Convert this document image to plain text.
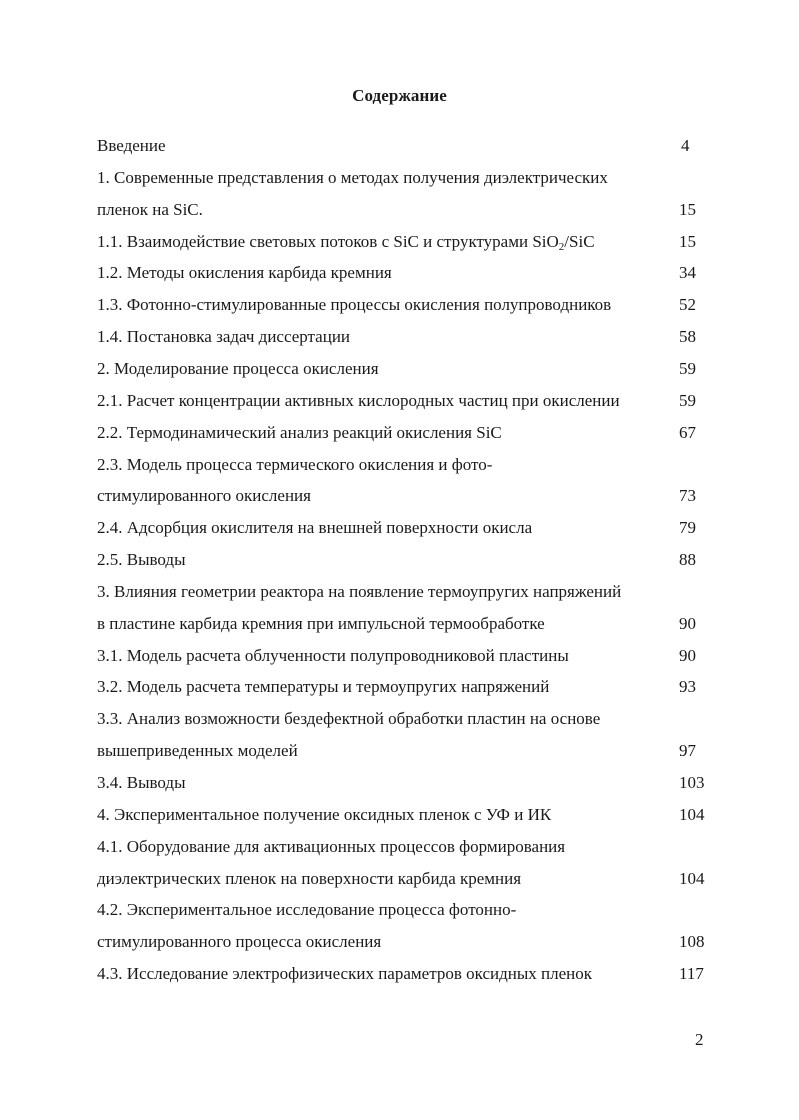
Содержание
Введение	4
1. Современные представления о методах получения диэлектрических
пленок на SiC.	15
1.1. Взаимодействие световых потоков с SiC и структурами SiO$_2$/SiC	15
1.2. Методы окисления карбида кремния	34
1.3. Фотонно-стимулированные процессы окисления полупроводников	52
1.4. Постановка задач диссертации	58
2. Моделирование процесса окисления	59
2.1. Расчет концентрации активных кислородных частиц при окислении	59
2.2. Термодинамический анализ реакций окисления SiC	67
2.3. Модель процесса термического окисления и фото-
стимулированного окисления	73
2.4. Адсорбция окислителя на внешней поверхности окисла	79
2.5. Выводы	88
3. Влияния геометрии реактора на появление термоупругих напряжений
в пластине карбида кремния при импульсной термообработке	90
3.1. Модель расчета облученности полупроводниковой пластины	90
3.2. Модель расчета температуры и термоупругих напряжений	93
3.3. Анализ возможности бездефектной обработки пластин на основе
вышеприведенных моделей	97
3.4. Выводы	103
4. Экспериментальное получение оксидных пленок с УФ и ИК	104
4.1. Оборудование для активационных процессов формирования
диэлектрических пленок на поверхности карбида кремния	104
4.2. Экспериментальное исследование процесса фотонно-
стимулированного процесса окисления	108
4.3. Исследование электрофизических параметров оксидных пленок	117
2
